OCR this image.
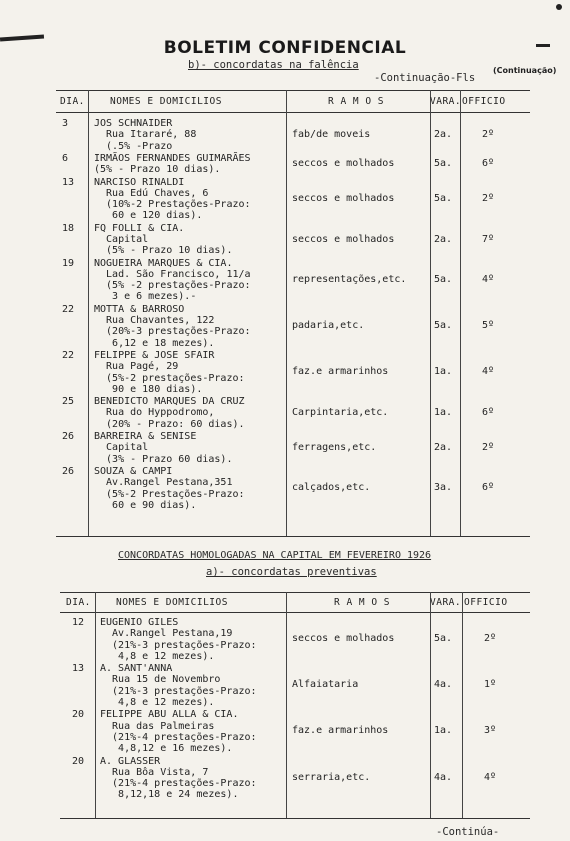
BOLETIM CONFIDENCIAL
b)- concordatas na falência
-Continuação-Fls
(Continuação)
DIA.	NOMES E DOMICILIOS	R A M O S	VARA. OFFICIO
3	JOS SCHNAIDER
Rua Itararé, 88
(.5% -Prazo
fab/de moveis	2a.	2º
6	IRMÃOS FERNANDES GUIMARÃES
(5% - Prazo 10 dias).
seccos e molhados	5a.	6º
13 NARCISO RINALDI
Rua Edú Chaves, 6
(10%-2 Prestações-Prazo:
60 e 120 dias).
seccos e molhados	5a.	2º
18 FQ FOLLI & CIA.
Capital
(5% - Prazo 10 dias).
seccos e molhados	2a.	7º
19 NOGUEIRA MARQUES & CIA.
Lad. São Francisco, 11/a
(5% -2 prestações-Prazo:
3 e 6 mezes).-
representações,etc.	5a.	4º
22 MOTTA & BARROSO
Rua Chavantes, 122
(20%-3 prestações-Prazo:
6,12 e 18 mezes).
padaria,etc.	5a.	5º
22 FELIPPE & JOSE SFAIR
Rua Pagé, 29
(5%-2 prestações-Prazo:
90 e 180 dias).
faz.e armarinhos	1a.	4º
25 BENEDICTO MARQUES DA CRUZ
Rua do Hyppodromo,
(20% - Prazo: 60 dias).
Carpintaria,etc.	1a.	6º
26 BARREIRA & SENISE
Capital
(3% - Prazo 60 dias).
ferragens,etc.	2a.	2º
26 SOUZA & CAMPI
Av.Rangel Pestana,351
(5%-2 Prestações-Prazo:
60 e 90 dias).
calçados,etc.	3a.	6º
CONCORDATAS HOMOLOGADAS NA CAPITAL EM FEVEREIRO 1926
a)- concordatas preventivas
DIA.	NOMES E DOMICILIOS	R A M O S	VARA. OFFICIO
12 EUGENIO GILES
Av.Rangel Pestana,19
(21%-3 prestações-Prazo:
4,8 e 12 mezes).
seccos e molhados	5a.	2º
13 A. SANT'ANNA
Rua 15 de Novembro
(21%-3 prestações-Prazo:
4,8 e 12 mezes).
Alfaiataria	4a.	1º
20 FELIPPE ABU ALLA & CIA.
Rua das Palmeiras
(21%-4 prestações-Prazo:
4,8,12 e 16 mezes).
faz.e armarinhos	1a.	3º
20 A. GLASSER
Rua Bôa Vista, 7
(21%-4 prestações-Prazo:
8,12,18 e 24 mezes).
serraria,etc.	4a.	4º
-Continúa-
